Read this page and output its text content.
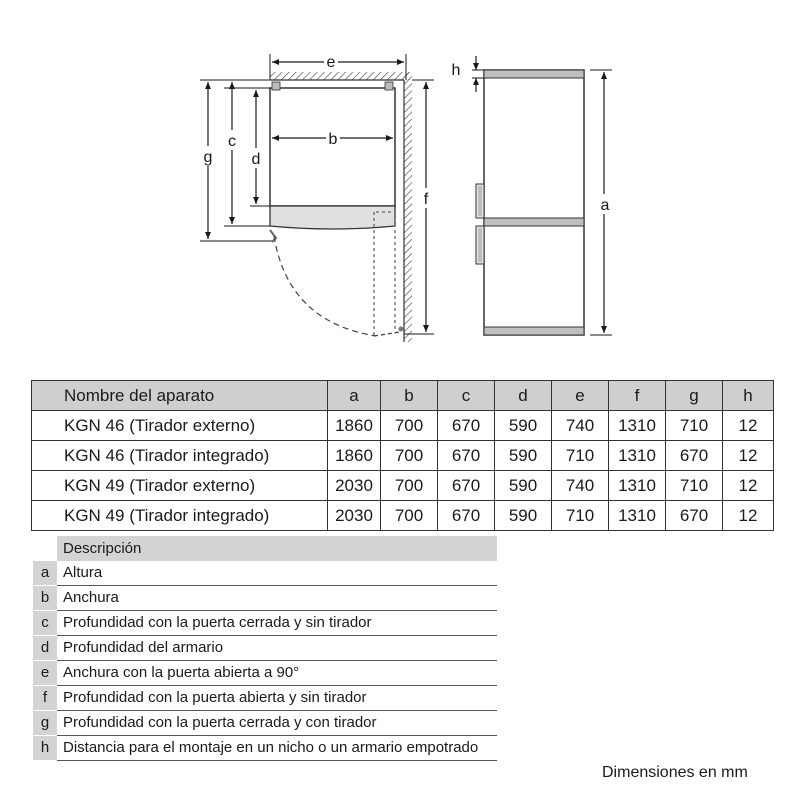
e
b
g
c
d
f
h
a
Nombre del aparato	a	b	c	d	e	f	g	h
KGN 46 (Tirador externo)	1860	700	670	590	740	1310	710	12
KGN 46 (Tirador integrado)	1860	700	670	590	710	1310	670	12
KGN 49 (Tirador externo)	2030	700	670	590	740	1310	710	12
KGN 49 (Tirador integrado)	2030	700	670	590	710	1310	670	12
Descripción
a Altura
b Anchura
c Profundidad con la puerta cerrada y sin tirador
d Profundidad del armario
e Anchura con la puerta abierta a 90°
f	Profundidad con la puerta abierta y sin tirador
g Profundidad con la puerta cerrada y con tirador
h Distancia para el montaje en un nicho o un armario empotrado
Dimensiones en mm
